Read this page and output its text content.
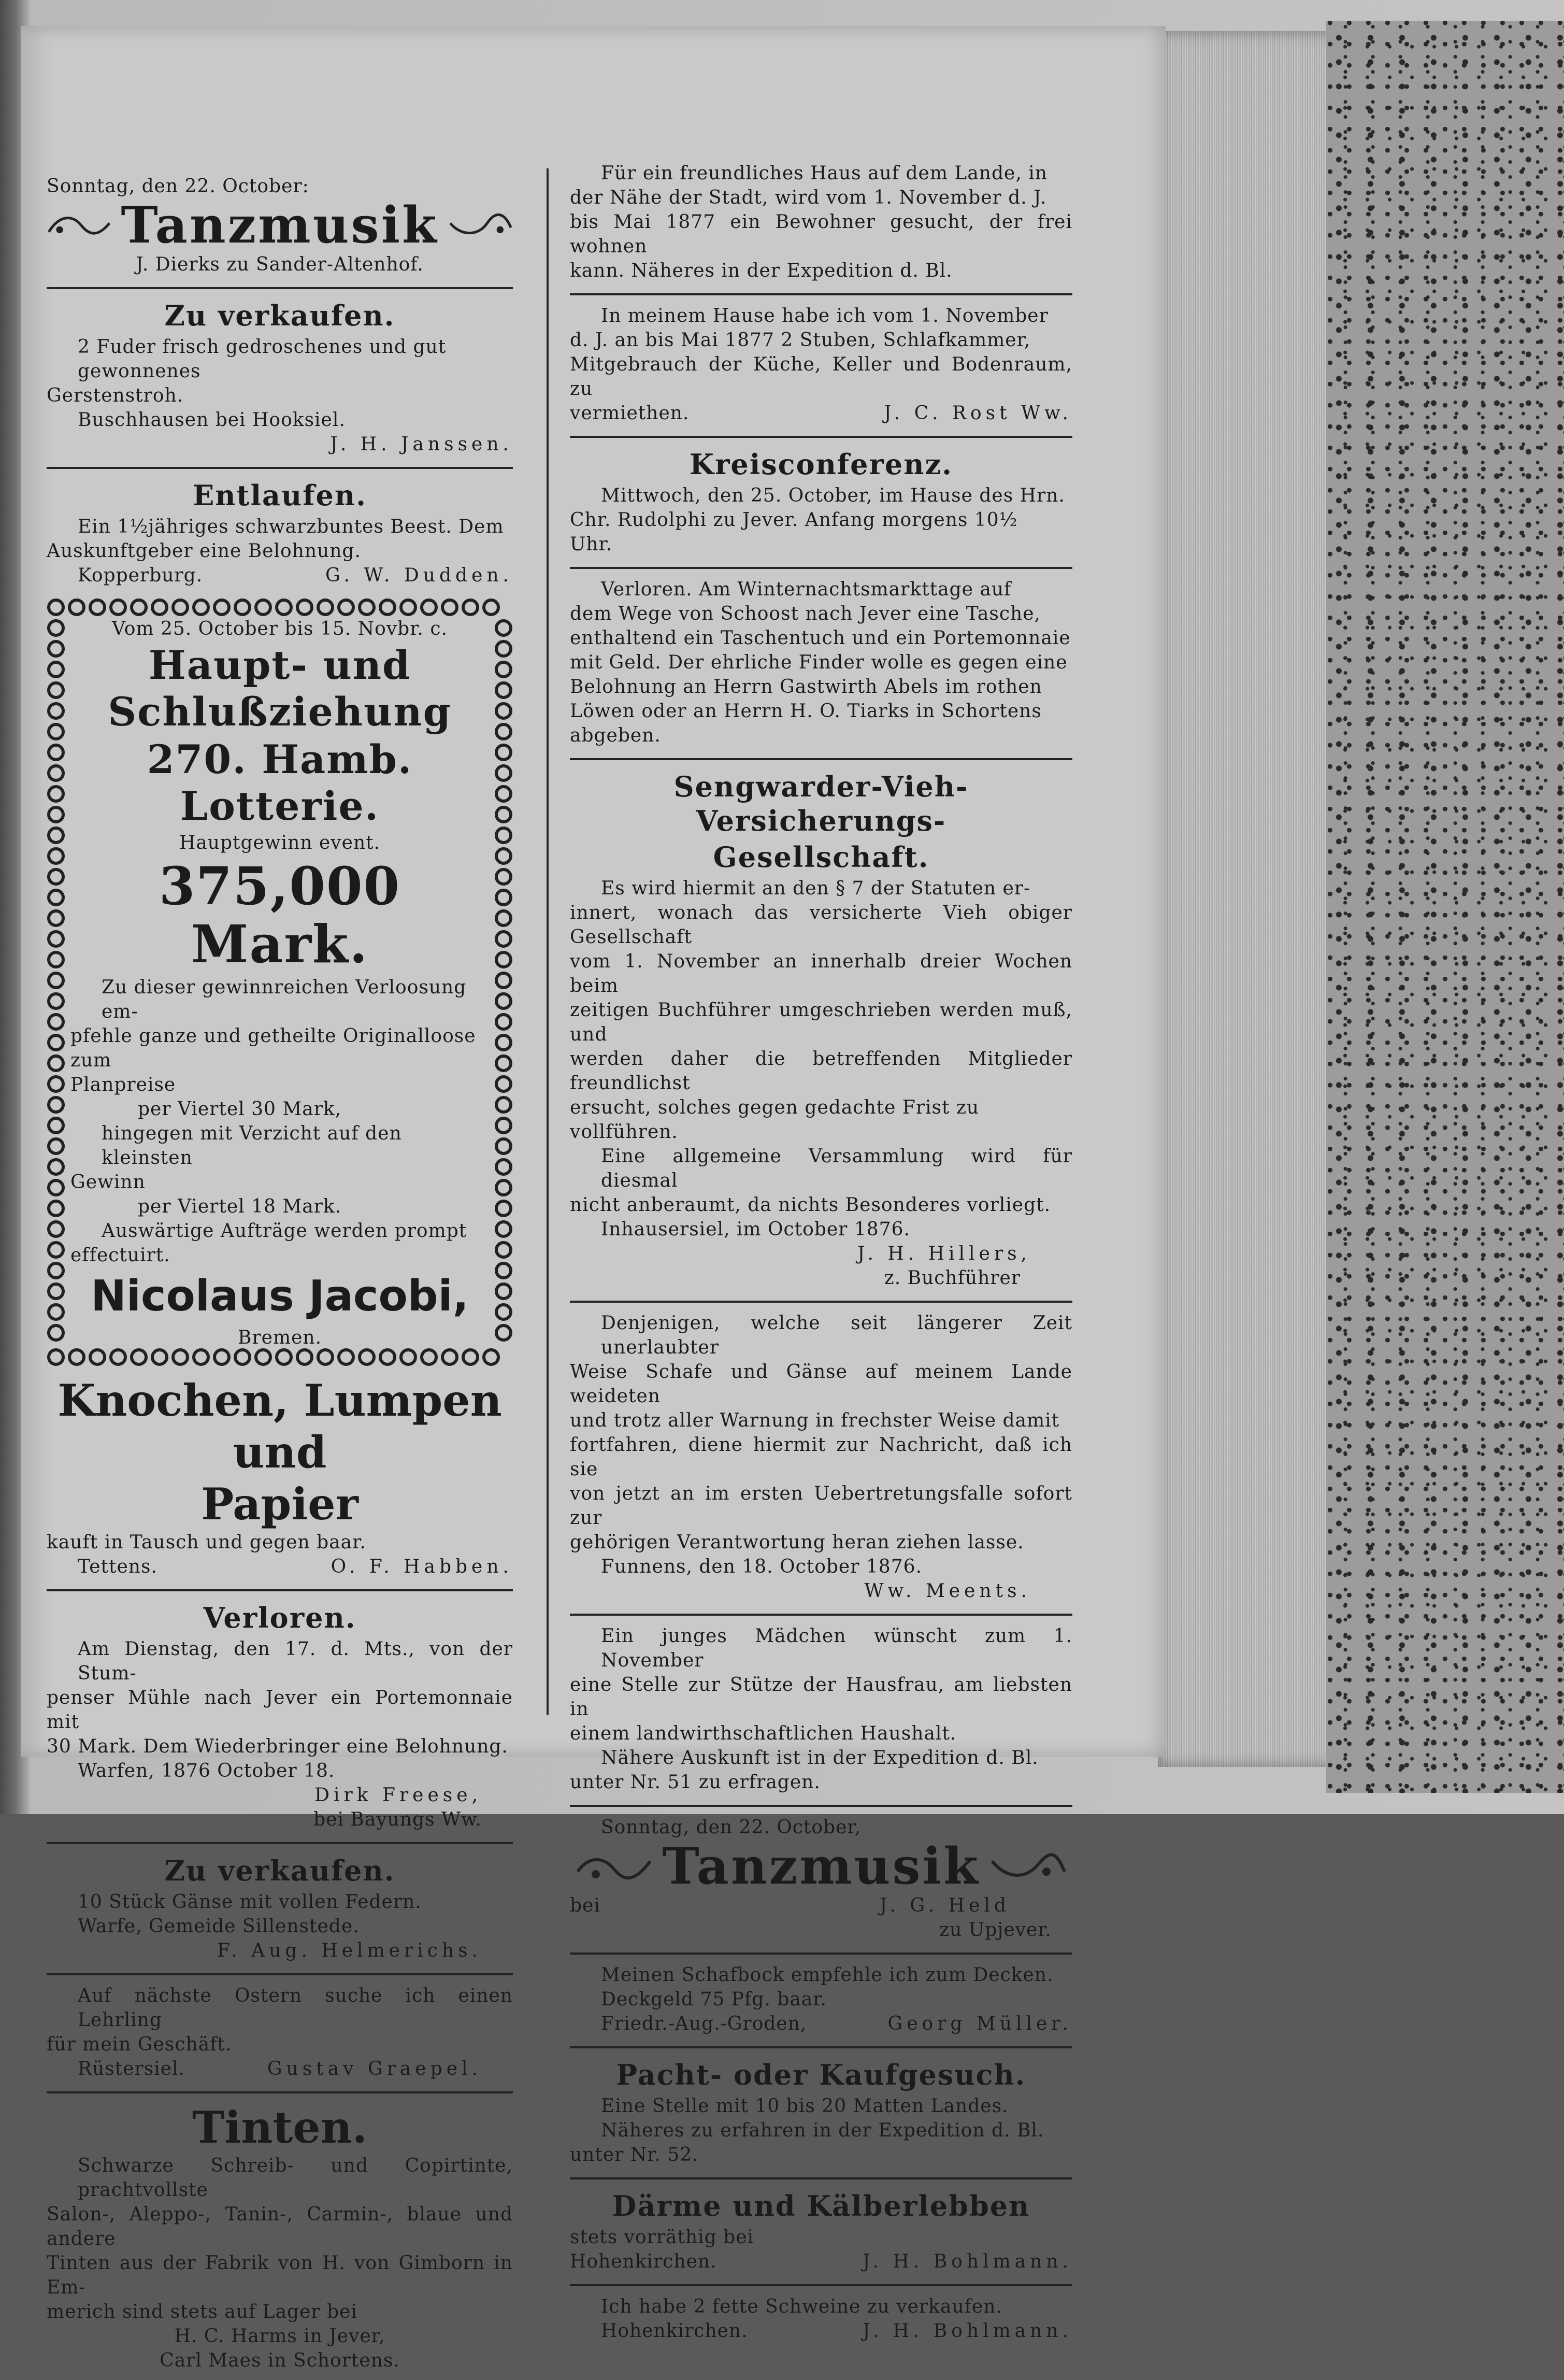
Sonntag, den 22. October:

Tanzmusik

J. Dierks zu Sander-Altenhof.

Zu verkaufen.

2 Fuder frisch gedroschenes und gut gewonnenes

Gerstenstroh.

Buschhausen bei Hooksiel.

J. H. Janssen.

Entlaufen.

Ein 1½jähriges schwarzbuntes Beest. Dem

Auskunftgeber eine Belohnung.

Kopperburg.	G. W. Dudden.

Vom 25. October bis 15. Novbr. c.

Haupt- und Schlußziehung

270. Hamb. Lotterie.

Hauptgewinn event.

375,000 Mark.

Zu dieser gewinnreichen Verloosung em-

pfehle ganze und getheilte Originalloose zum

Planpreise

per Viertel 30 Mark,

hingegen mit Verzicht auf den kleinsten

Gewinn

per Viertel 18 Mark.

Auswärtige Aufträge werden prompt

effectuirt.

Nicolaus Jacobi,

Bremen.

Knochen, Lumpen und

Papier

kauft in Tausch und gegen baar.

Tettens.	O. F. Habben.

Verloren.

Am Dienstag, den 17. d. Mts., von der Stum-

penser Mühle nach Jever ein Portemonnaie mit

30 Mark. Dem Wiederbringer eine Belohnung.

Warfen, 1876 October 18.

Dirk Freese,

bei Bayungs Ww.

Zu verkaufen.

10 Stück Gänse mit vollen Federn.

Warfe, Gemeide Sillenstede.

F. Aug. Helmerichs.

Auf nächste Ostern suche ich einen Lehrling

für mein Geschäft.

Rüstersiel.	Gustav Graepel.

Tinten.

Schwarze Schreib- und Copirtinte, prachtvollste

Salon-, Aleppo-, Tanin-, Carmin-, blaue und andere

Tinten aus der Fabrik von H. von Gimborn in Em-

merich sind stets auf Lager bei

H. C. Harms in Jever,

Carl Maes in Schortens.

Für ein freundliches Haus auf dem Lande, in

der Nähe der Stadt, wird vom 1. November d. J.

bis Mai 1877 ein Bewohner gesucht, der frei wohnen

kann. Näheres in der Expedition d. Bl.

In meinem Hause habe ich vom 1. November

d. J. an bis Mai 1877 2 Stuben, Schlafkammer,

Mitgebrauch der Küche, Keller und Bodenraum, zu

vermiethen.	J. C. Rost Ww.

Kreisconferenz.

Mittwoch, den 25. October, im Hause des Hrn.

Chr. Rudolphi zu Jever. Anfang morgens 10½

Uhr.

Verloren. Am Winternachtsmarkttage auf

dem Wege von Schoost nach Jever eine Tasche,

enthaltend ein Taschentuch und ein Portemonnaie

mit Geld. Der ehrliche Finder wolle es gegen eine

Belohnung an Herrn Gastwirth Abels im rothen

Löwen oder an Herrn H. O. Tiarks in Schortens

abgeben.

Sengwarder-Vieh-Versicherungs-

Gesellschaft.

Es wird hiermit an den § 7 der Statuten er-

innert, wonach das versicherte Vieh obiger Gesellschaft

vom 1. November an innerhalb dreier Wochen beim

zeitigen Buchführer umgeschrieben werden muß, und

werden daher die betreffenden Mitglieder freundlichst

ersucht, solches gegen gedachte Frist zu vollführen.

Eine allgemeine Versammlung wird für diesmal

nicht anberaumt, da nichts Besonderes vorliegt.

Inhausersiel, im October 1876.

J. H. Hillers,

z. Buchführer

Denjenigen, welche seit längerer Zeit unerlaubter

Weise Schafe und Gänse auf meinem Lande weideten

und trotz aller Warnung in frechster Weise damit

fortfahren, diene hiermit zur Nachricht, daß ich sie

von jetzt an im ersten Uebertretungsfalle sofort zur

gehörigen Verantwortung heran ziehen lasse.

Funnens, den 18. October 1876.

Ww. Meents.

Ein junges Mädchen wünscht zum 1. November

eine Stelle zur Stütze der Hausfrau, am liebsten in

einem landwirthschaftlichen Haushalt.

Nähere Auskunft ist in der Expedition d. Bl.

unter Nr. 51 zu erfragen.

Sonntag, den 22. October,

Tanzmusik

bei	J. G. Held

zu Upjever.

Meinen Schafbock empfehle ich zum Decken.

Deckgeld 75 Pfg. baar.

Friedr.-Aug.-Groden,	Georg Müller.

Pacht- oder Kaufgesuch.

Eine Stelle mit 10 bis 20 Matten Landes.

Näheres zu erfahren in der Expedition d. Bl.

unter Nr. 52.

Därme und Kälberlebben

stets vorräthig bei

Hohenkirchen.	J. H. Bohlmann.

Ich habe 2 fette Schweine zu verkaufen.

Hohenkirchen.	J. H. Bohlmann.
